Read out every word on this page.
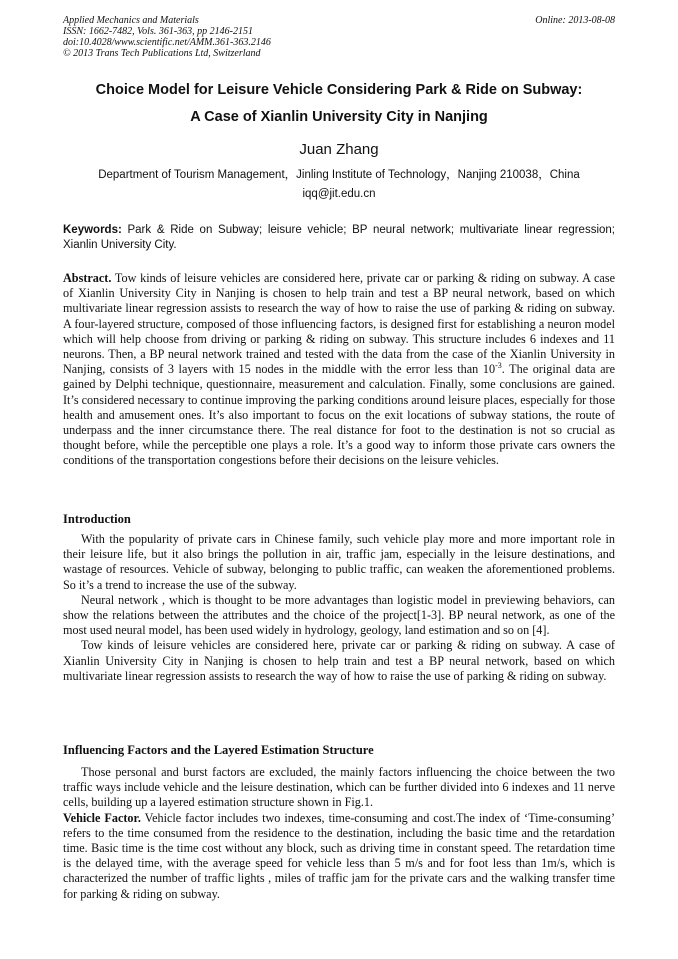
Applied Mechanics and Materials
ISSN: 1662-7482, Vols. 361-363, pp 2146-2151
doi:10.4028/www.scientific.net/AMM.361-363.2146
© 2013 Trans Tech Publications Ltd, Switzerland
Online: 2013-08-08
Choice Model for Leisure Vehicle Considering Park & Ride on Subway:
A Case of Xianlin University City in Nanjing
Juan Zhang
Department of Tourism Management，Jinling Institute of Technology，Nanjing 210038，China
iqq@jit.edu.cn
Keywords: Park & Ride on Subway; leisure vehicle; BP neural network; multivariate linear regression; Xianlin University City.
Abstract. Tow kinds of leisure vehicles are considered here, private car or parking & riding on subway. A case of Xianlin University City in Nanjing is chosen to help train and test a BP neural network, based on which multivariate linear regression assists to research the way of how to raise the use of parking & riding on subway. A four-layered structure, composed of those influencing factors, is designed first for establishing a neuron model which will help choose from driving or parking & riding on subway. This structure includes 6 indexes and 11 neurons. Then, a BP neural network trained and tested with the data from the case of the Xianlin University in Nanjing, consists of 3 layers with 15 nodes in the middle with the error less than $10^{-3}$. The original data are gained by Delphi technique, questionnaire, measurement and calculation. Finally, some conclusions are gained. It’s considered necessary to continue improving the parking conditions around leisure places, especially for those health and amusement ones. It’s also important to focus on the exit locations of subway stations, the route of underpass and the inner circumstance there. The real distance for foot to the destination is not so crucial as thought before, while the perceptible one plays a role. It’s a good way to inform those private cars owners the conditions of the transportation congestions before their decisions on the leisure vehicles.
Introduction

With the popularity of private cars in Chinese family, such vehicle play more and more important role in their leisure life, but it also brings the pollution in air, traffic jam, especially in the leisure destinations, and wastage of resources. Vehicle of subway, belonging to public traffic, can weaken the aforementioned problems. So it’s a trend to increase the use of the subway.

Neural network , which is thought to be more advantages than logistic model in previewing behaviors, can show the relations between the attributes and the choice of the project[1-3]. BP neural network, as one of the most used neural model, has been used widely in hydrology, geology, land estimation and so on [4].

Tow kinds of leisure vehicles are considered here, private car or parking & riding on subway. A case of Xianlin University City in Nanjing is chosen to help train and test a BP neural network, based on which multivariate linear regression assists to research the way of how to raise the use of parking & riding on subway.

Influencing Factors and the Layered Estimation Structure

Those personal and burst factors are excluded, the mainly factors influencing the choice between the two traffic ways include vehicle and the leisure destination, which can be further divided into 6 indexes and 11 nerve cells, building up a layered estimation structure shown in Fig.1.

Vehicle Factor. Vehicle factor includes two indexes, time-consuming and cost.The index of ‘Time-consuming’ refers to the time consumed from the residence to the destination, including the basic time and the retardation time. Basic time is the time cost without any block, such as driving time in constant speed. The retardation time is the delayed time, with the average speed for vehicle less than 5 m/s and for foot less than 1m/s, which is characterized the number of traffic lights , miles of traffic jam for the private cars and the walking transfer time for parking & riding on subway.
